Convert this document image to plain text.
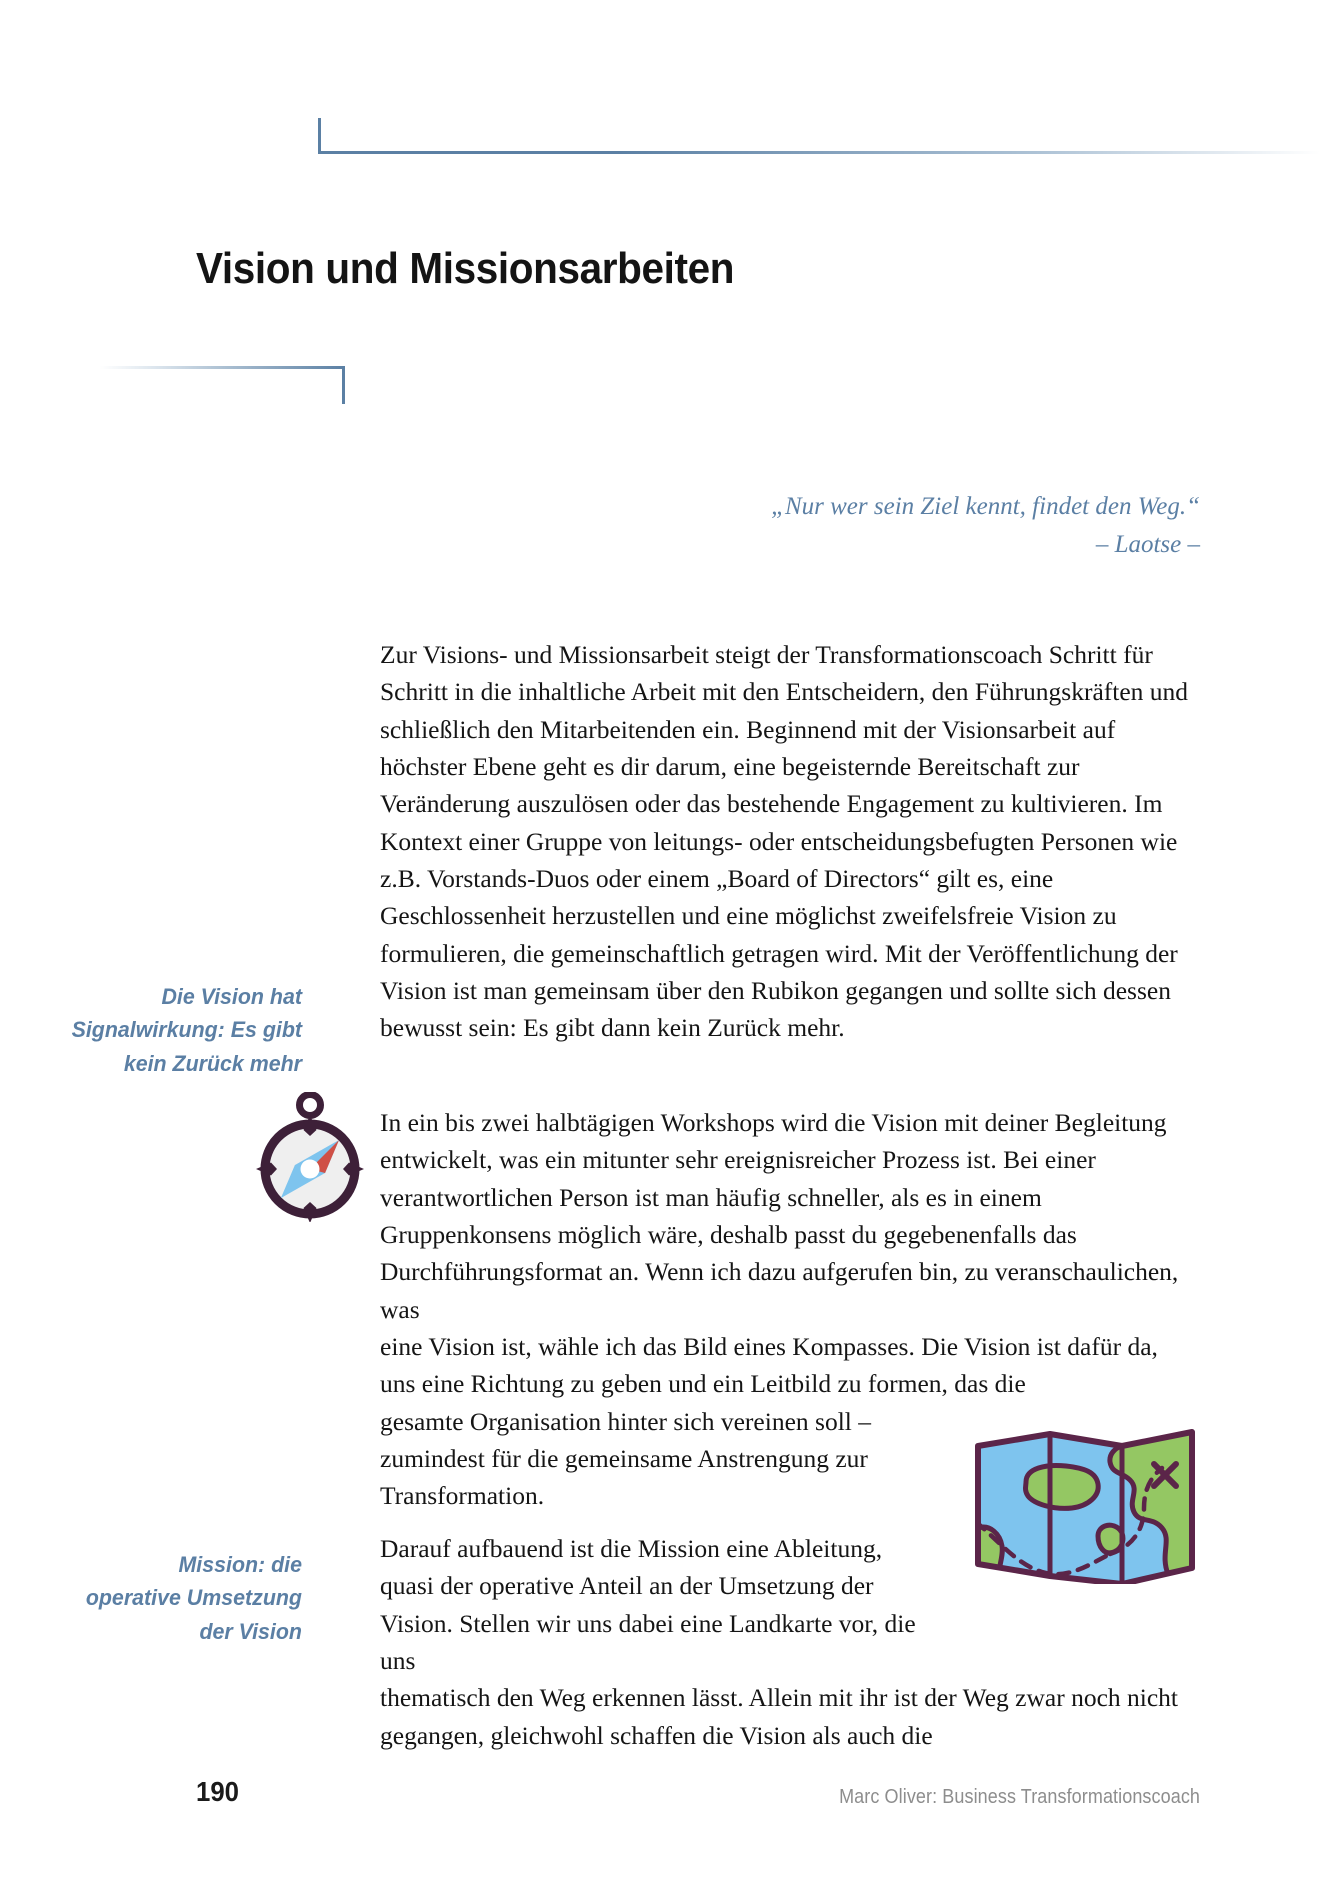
Vision und Missionsarbeiten
„Nur wer sein Ziel kennt, findet den Weg.“
– Laotse –

Zur Visions- und Missionsarbeit steigt der Transformationscoach Schritt für Schritt in die inhaltliche Arbeit mit den Entscheidern, den Führungskräften und schließlich den Mitarbeitenden ein. Beginnend mit der Visionsarbeit auf höchster Ebene geht es dir darum, eine begeisternde Bereitschaft zur Veränderung auszulösen oder das bestehende Engagement zu kultivieren. Im Kontext einer Gruppe von leitungs- oder entscheidungsbefugten Personen wie z.B. Vorstands-Duos oder einem „Board of Directors“ gilt es, eine Geschlossenheit herzustellen und eine möglichst zweifelsfreie Vision zu formulieren, die gemeinschaftlich getragen wird. Mit der Veröffentlichung der Vision ist man gemeinsam über den Rubikon gegangen und sollte sich dessen bewusst sein: Es gibt dann kein Zurück mehr.

Die Vision hat
Signalwirkung: Es gibt
kein Zurück mehr

In ein bis zwei halbtägigen Workshops wird die Vision mit deiner Begleitung entwickelt, was ein mitunter sehr ereignisreicher Prozess ist. Bei einer verantwortlichen Person ist man häufig schneller, als es in einem Gruppenkonsens möglich wäre, deshalb passt du gegebenenfalls das Durchführungsformat an. Wenn ich dazu aufgerufen bin, zu veranschaulichen, was

eine Vision ist, wähle ich das Bild eines Kompasses. Die Vision ist dafür da, uns eine Richtung zu geben und ein Leitbild zu formen, das die

gesamte Organisation hinter sich vereinen soll – zumindest für die gemeinsame Anstrengung zur Transformation.

Mission: die
operative Umsetzung
der Vision

Darauf aufbauend ist die Mission eine Ableitung, quasi der operative Anteil an der Umsetzung der Vision. Stellen wir uns dabei eine Landkarte vor, die uns

thematisch den Weg erkennen lässt. Allein mit ihr ist der Weg zwar noch nicht gegangen, gleichwohl schaffen die Vision als auch die

190	Marc Oliver: Business Transformationscoach
